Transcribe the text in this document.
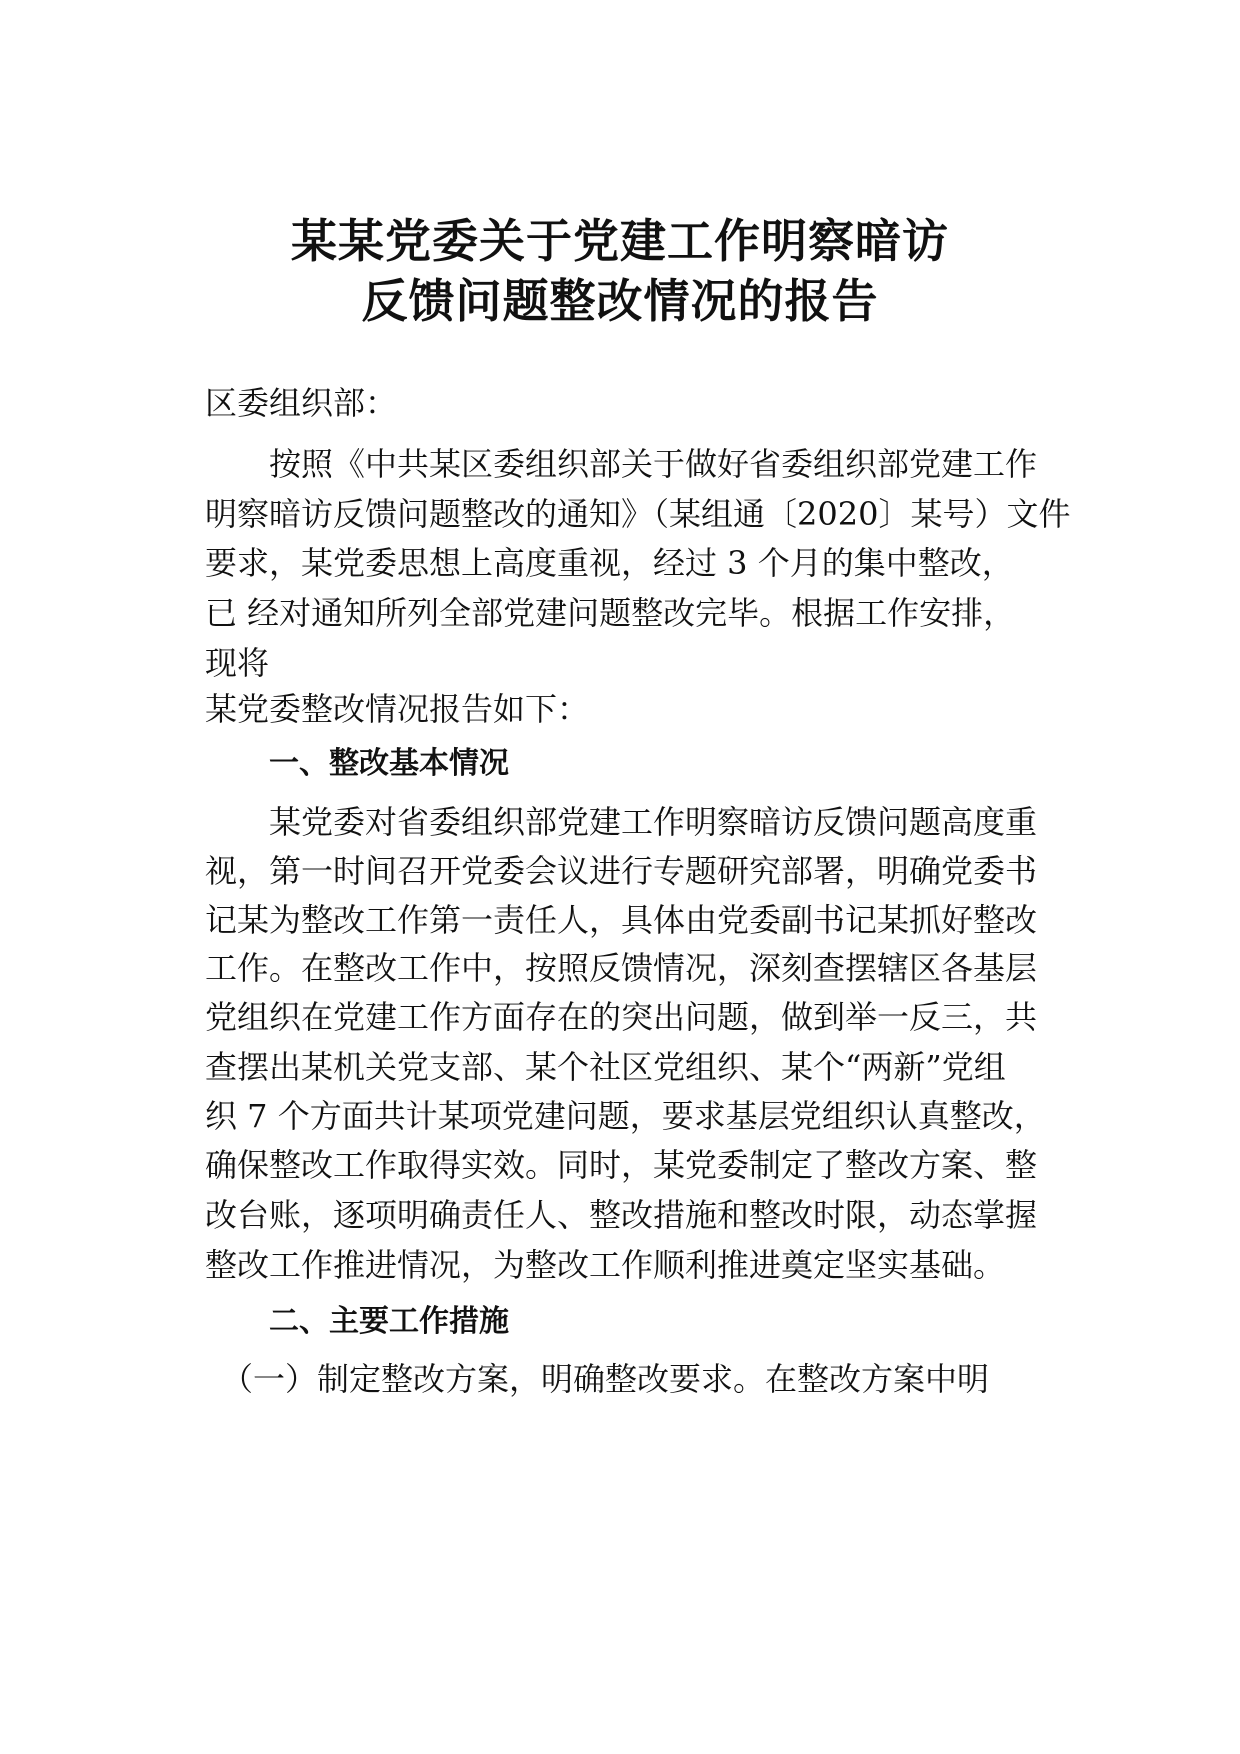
某某党委关于党建工作明察暗访
反馈问题整改情况的报告
区委组织部：
　　按照《中共某区委组织部关于做好省委组织部党建工作
明察暗访反馈问题整改的通知》（某组通〔2020〕某号）文件
要求，某党委思想上高度重视，经过 3 个月的集中整改，
已 经对通知所列全部党建问题整改完毕。根据工作安排，
现将
某党委整改情况报告如下：
一、整改基本情况
　　某党委对省委组织部党建工作明察暗访反馈问题高度重
视，第一时间召开党委会议进行专题研究部署，明确党委书
记某为整改工作第一责任人，具体由党委副书记某抓好整改
工作。在整改工作中，按照反馈情况，深刻查摆辖区各基层
党组织在党建工作方面存在的突出问题，做到举一反三，共
查摆出某机关党支部、某个社区党组织、某个“两新”党组
织 7 个方面共计某项党建问题，要求基层党组织认真整改，
确保整改工作取得实效。同时，某党委制定了整改方案、整
改台账，逐项明确责任人、整改措施和整改时限，动态掌握
整改工作推进情况，为整改工作顺利推进奠定坚实基础。
二、主要工作措施
　（一）制定整改方案，明确整改要求。在整改方案中明
